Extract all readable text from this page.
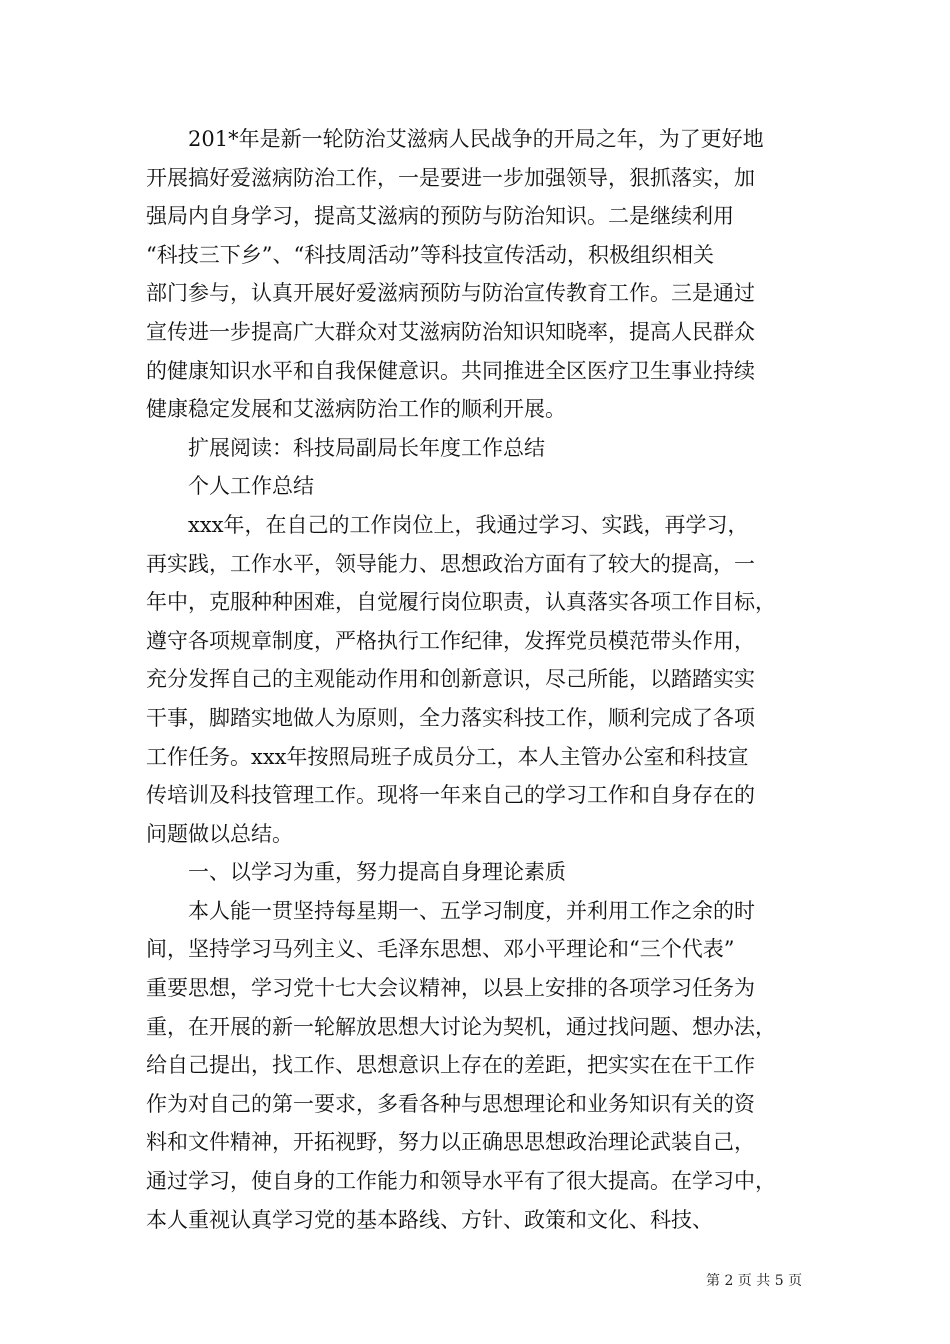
201*年是新一轮防治艾滋病人民战争的开局之年，为了更好地
开展搞好爱滋病防治工作，一是要进一步加强领导，狠抓落实，加
强局内自身学习，提高艾滋病的预防与防治知识。二是继续利用
“科技三下乡”、“科技周活动”等科技宣传活动，积极组织相关
部门参与，认真开展好爱滋病预防与防治宣传教育工作。三是通过
宣传进一步提高广大群众对艾滋病防治知识知晓率，提高人民群众
的健康知识水平和自我保健意识。共同推进全区医疗卫生事业持续
健康稳定发展和艾滋病防治工作的顺利开展。
扩展阅读：科技局副局长年度工作总结
个人工作总结
xxx年，在自己的工作岗位上，我通过学习、实践，再学习，
再实践，工作水平，领导能力、思想政治方面有了较大的提高，一
年中，克服种种困难，自觉履行岗位职责，认真落实各项工作目标，
遵守各项规章制度，严格执行工作纪律，发挥党员模范带头作用，
充分发挥自己的主观能动作用和创新意识，尽己所能，以踏踏实实
干事，脚踏实地做人为原则，全力落实科技工作，顺利完成了各项
工作任务。xxx年按照局班子成员分工，本人主管办公室和科技宣
传培训及科技管理工作。现将一年来自己的学习工作和自身存在的
问题做以总结。
一、以学习为重，努力提高自身理论素质
本人能一贯坚持每星期一、五学习制度，并利用工作之余的时
间，坚持学习马列主义、毛泽东思想、邓小平理论和“三个代表”
重要思想，学习党十七大会议精神，以县上安排的各项学习任务为
重，在开展的新一轮解放思想大讨论为契机，通过找问题、想办法，
给自己提出，找工作、思想意识上存在的差距，把实实在在干工作
作为对自己的第一要求，多看各种与思想理论和业务知识有关的资
料和文件精神，开拓视野，努力以正确思思想政治理论武装自己，
通过学习，使自身的工作能力和领导水平有了很大提高。在学习中，
本人重视认真学习党的基本路线、方针、政策和文化、科技、
第 2 页 共 5 页
